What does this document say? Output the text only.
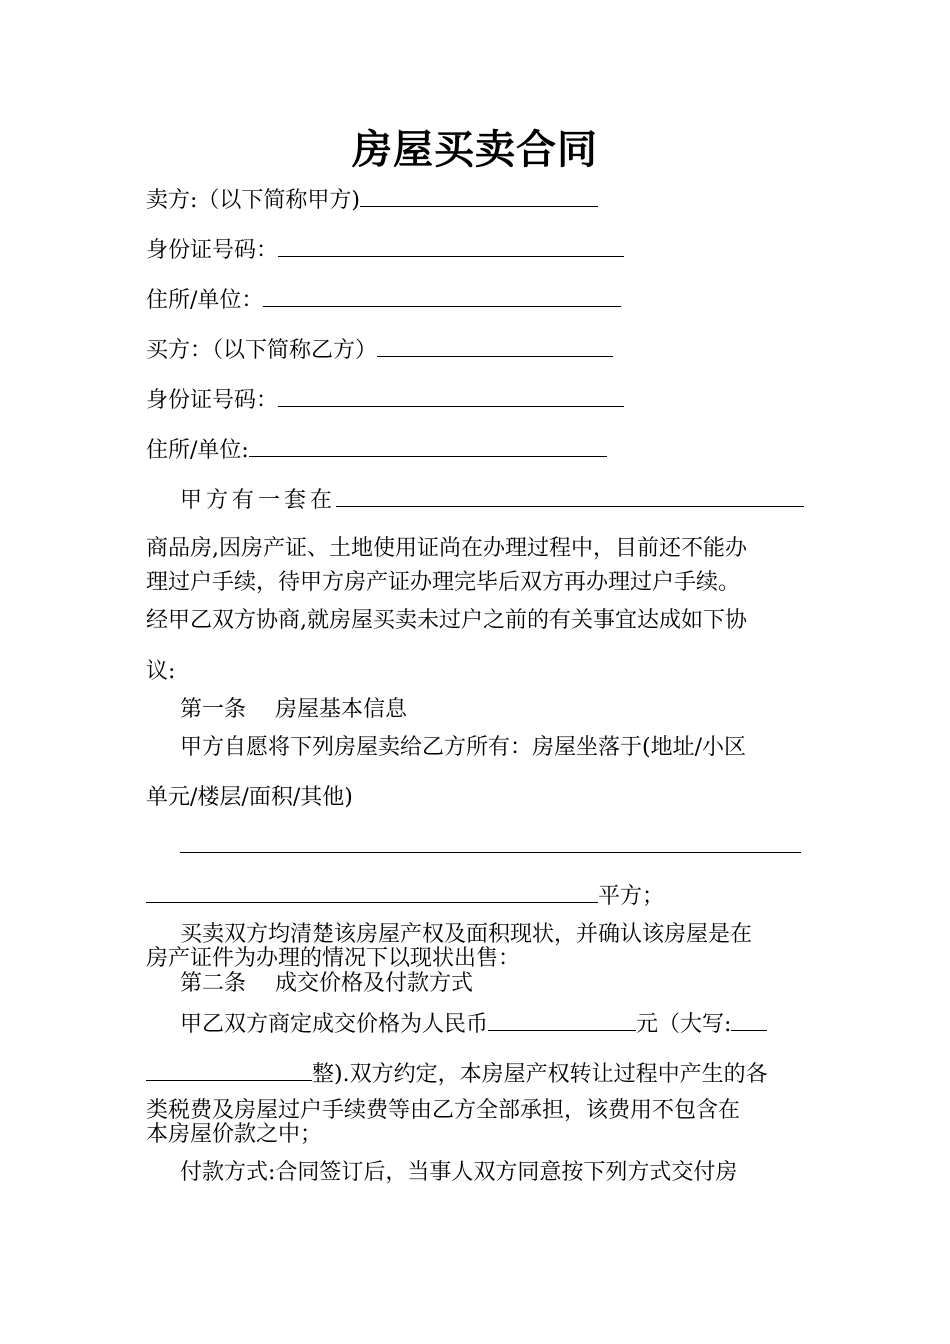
房屋买卖合同
卖方:（以下简称甲方)
身份证号码：
住所/单位：
买方：（以下简称乙方）
身份证号码：
住所/单位:
甲方有一套在
商品房,因房产证、土地使用证尚在办理过程中，目前还不能办
理过户手续，待甲方房产证办理完毕后双方再办理过户手续。
经甲乙双方协商,就房屋买卖未过户之前的有关事宜达成如下协
议:
第一条　 房屋基本信息
甲方自愿将下列房屋卖给乙方所有：房屋坐落于(地址/小区
单元/楼层/面积/其他)
平方；
买卖双方均清楚该房屋产权及面积现状，并确认该房屋是在
房产证件为办理的情况下以现状出售：
第二条　 成交价格及付款方式
甲乙双方商定成交价格为人民币	元（大写:
整).双方约定，本房屋产权转让过程中产生的各
类税费及房屋过户手续费等由乙方全部承担，该费用不包含在
本房屋价款之中；
付款方式:合同签订后，当事人双方同意按下列方式交付房
